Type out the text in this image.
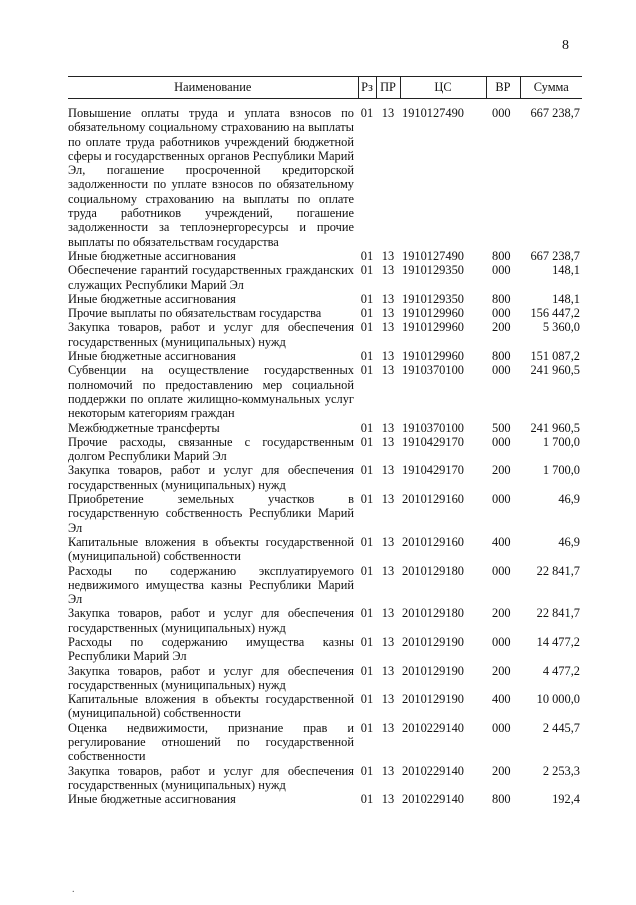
8
Наименование	Рз	ПР	ЦС	ВР	Сумма
Повышение оплаты труда и уплата взносов по обязательному социальному страхованию на выплаты по оплате труда работников учреждений бюджетной сферы и государственных органов Республики Марий Эл, погашение просроченной кредиторской задолженности по уплате взносов по обязательному социальному страхованию на выплаты по оплате труда работников учреждений, погашение задолженности за теплоэнергоресурсы и прочие выплаты по обязательствам государства	01	13	1910127490	000	667 238,7
Иные бюджетные ассигнования	01	13	1910127490	800	667 238,7
Обеспечение гарантий государственных гражданских служащих Республики Марий Эл	01	13	1910129350	000	148,1
Иные бюджетные ассигнования	01	13	1910129350	800	148,1
Прочие выплаты по обязательствам государства	01	13	1910129960	000	156 447,2
Закупка товаров, работ и услуг для обеспечения государственных (муниципальных) нужд	01	13	1910129960	200	5 360,0
Иные бюджетные ассигнования	01	13	1910129960	800	151 087,2
Субвенции на осуществление государственных полномочий по предоставлению мер социальной поддержки по оплате жилищно-коммунальных услуг некоторым категориям граждан	01	13	1910370100	000	241 960,5
Межбюджетные трансферты	01	13	1910370100	500	241 960,5
Прочие расходы, связанные с государственным долгом Республики Марий Эл	01	13	1910429170	000	1 700,0
Закупка товаров, работ и услуг для обеспечения государственных (муниципальных) нужд	01	13	1910429170	200	1 700,0
Приобретение земельных участков в государственную собственность Республики Марий Эл	01	13	2010129160	000	46,9
Капитальные вложения в объекты государственной (муниципальной) собственности	01	13	2010129160	400	46,9
Расходы по содержанию эксплуатируемого недвижимого имущества казны Республики Марий Эл	01	13	2010129180	000	22 841,7
Закупка товаров, работ и услуг для обеспечения государственных (муниципальных) нужд	01	13	2010129180	200	22 841,7
Расходы по содержанию имущества казны Республики Марий Эл	01	13	2010129190	000	14 477,2
Закупка товаров, работ и услуг для обеспечения государственных (муниципальных) нужд	01	13	2010129190	200	4 477,2
Капитальные вложения в объекты государственной (муниципальной) собственности	01	13	2010129190	400	10 000,0
Оценка недвижимости, признание прав и регулирование отношений по государственной собственности	01	13	2010229140	000	2 445,7
Закупка товаров, работ и услуг для обеспечения государственных (муниципальных) нужд	01	13	2010229140	200	2 253,3
Иные бюджетные ассигнования	01	13	2010229140	800	192,4
.
